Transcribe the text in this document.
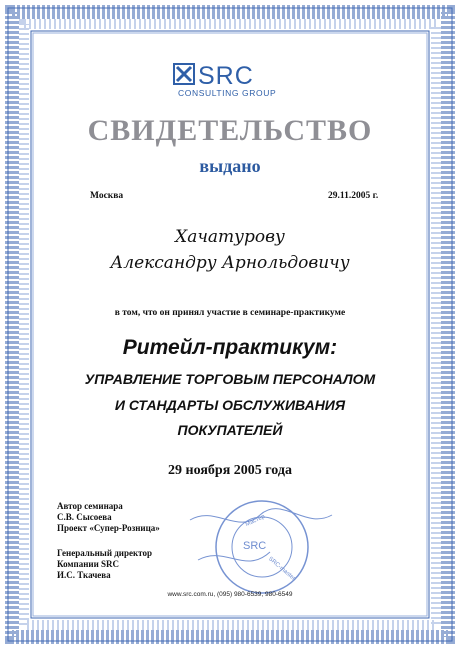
SRC
CONSULTING GROUP
СВИДЕТЕЛЬСТВО
выдано
Москва	29.11.2005 г.
Хачатурову
Александру Арнольдовичу
в том, что он принял участие в семинаре-практикуме
Ритейл-практикум:
УПРАВЛЕНИЕ ТОРГОВЫМ ПЕРСОНАЛОМ
И СТАНДАРТЫ ОБСЛУЖИВАНИЯ
ПОКУПАТЕЛЕЙ
29 ноября 2005 года
Автор семинара
С.В. Сысоева
Проект «Супер-Розница»
Генеральный директор
Компании SRC
И.С. Ткачева
SRC
Мастер
SRC-master
www.src.com.ru, (095) 980-6539, 980-6549
